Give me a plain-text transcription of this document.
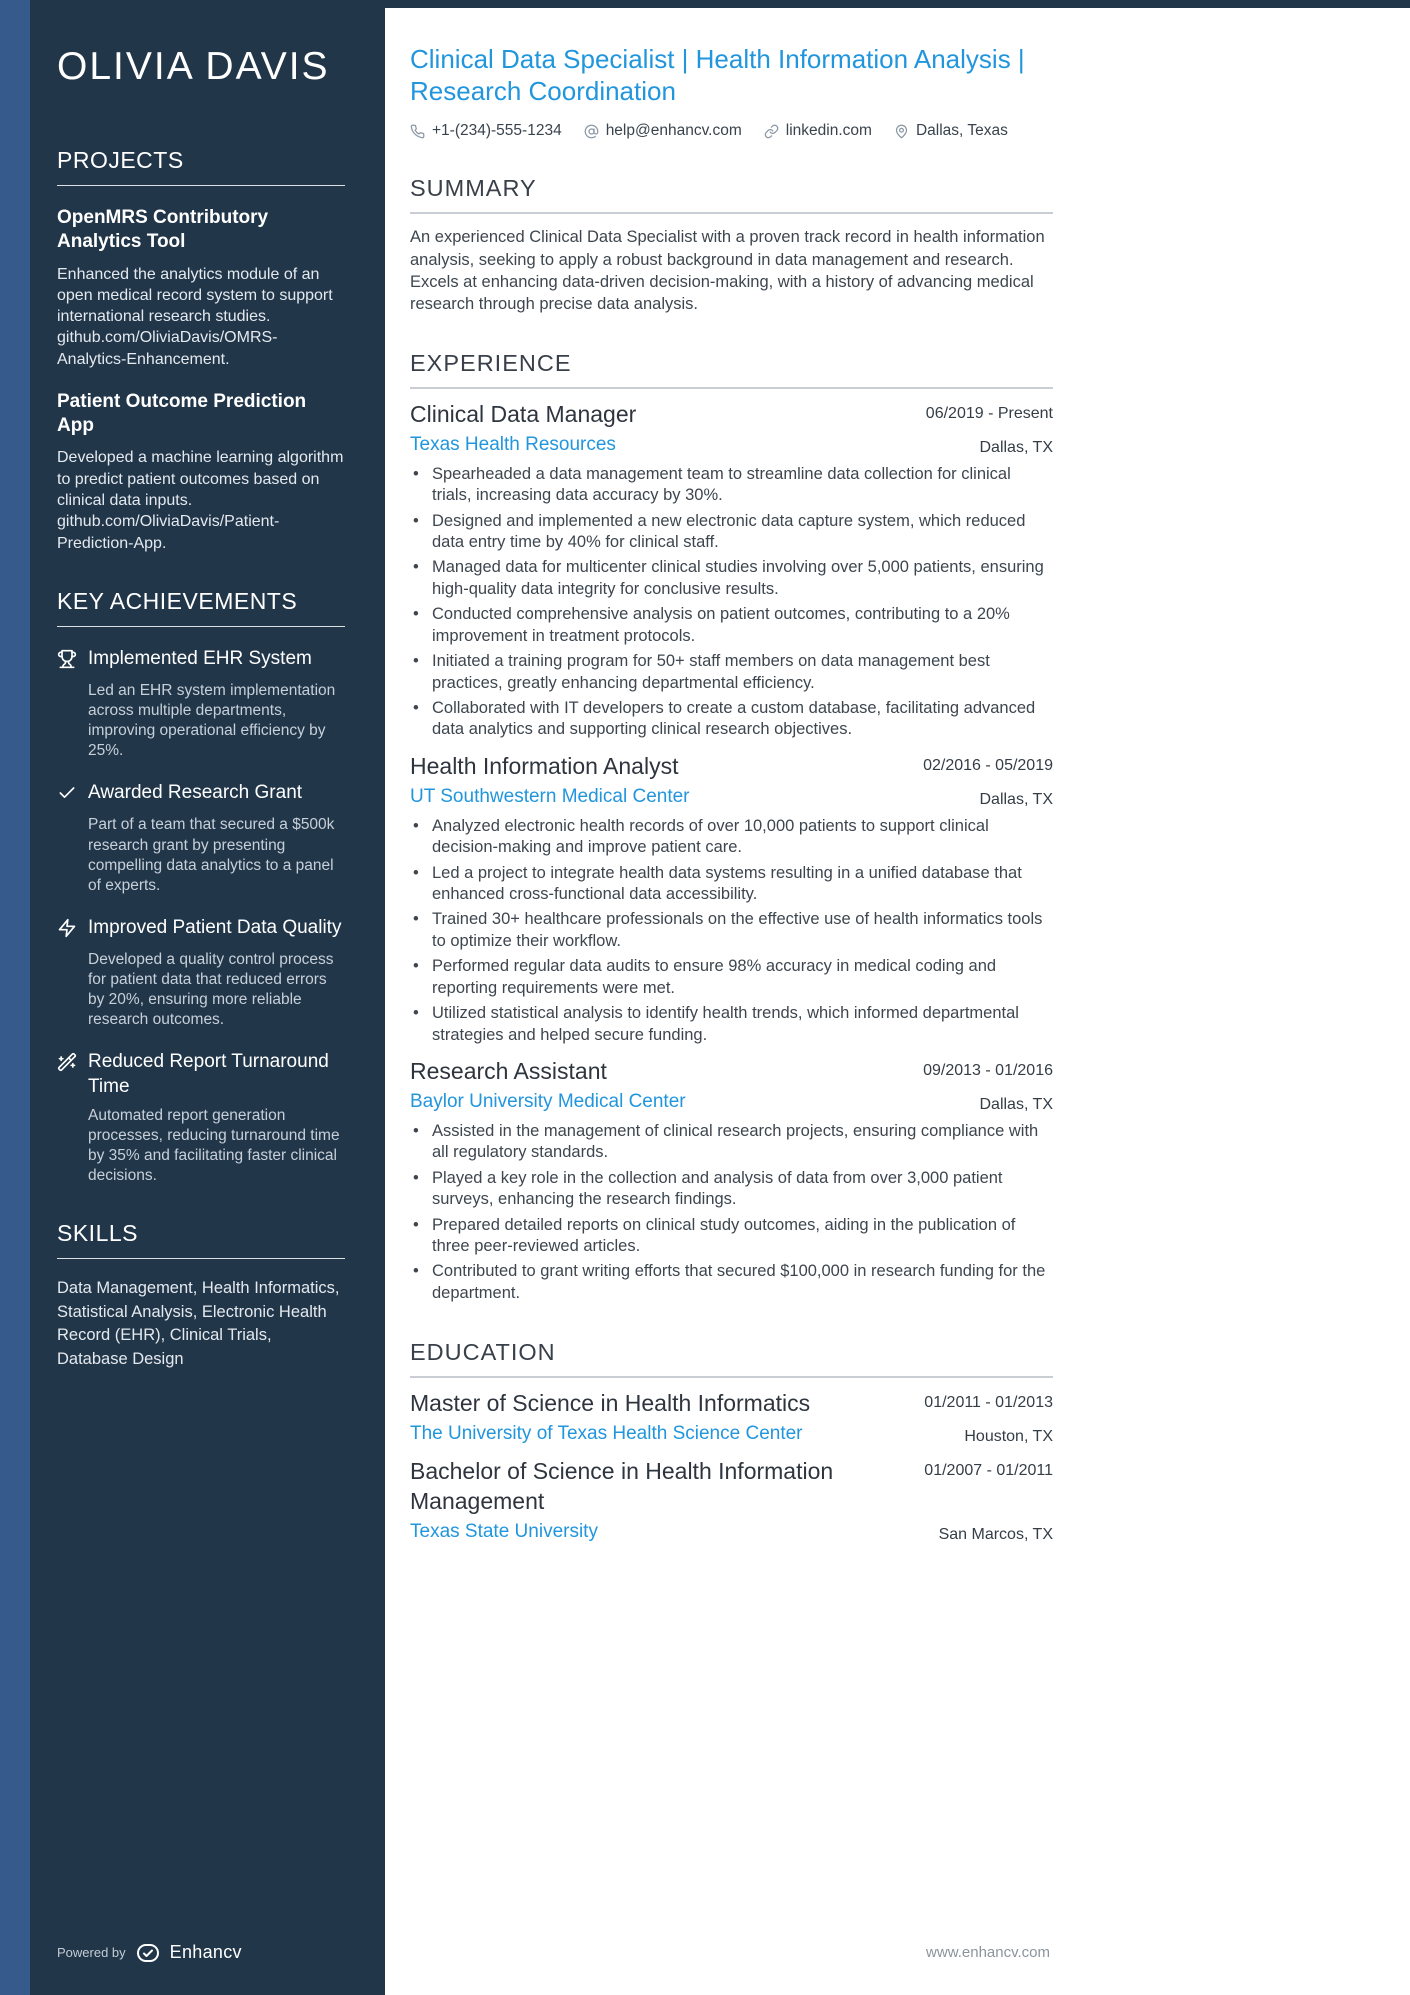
OLIVIA DAVIS
PROJECTS
OpenMRS Contributory Analytics Tool

Enhanced the analytics module of an open medical record system to support international research studies. github.com/OliviaDavis/OMRS-Analytics-Enhancement.

Patient Outcome Prediction App

Developed a machine learning algorithm to predict patient outcomes based on clinical data inputs. github.com/OliviaDavis/Patient-Prediction-App.

KEY ACHIEVEMENTS
Implemented EHR System

Led an EHR system implementation across multiple departments, improving operational efficiency by 25%.

Awarded Research Grant

Part of a team that secured a $500k research grant by presenting compelling data analytics to a panel of experts.

Improved Patient Data Quality

Developed a quality control process for patient data that reduced errors by 20%, ensuring more reliable research outcomes.

Reduced Report Turnaround Time

Automated report generation processes, reducing turnaround time by 35% and facilitating faster clinical decisions.

SKILLS

Data Management, Health Informatics, Statistical Analysis, Electronic Health Record (EHR), Clinical Trials, Database Design

Powered by Enhancv
Clinical Data Specialist | Health Information Analysis | Research Coordination
+1-(234)-555-1234	help@enhancv.com	linkedin.com	Dallas, Texas
SUMMARY

An experienced Clinical Data Specialist with a proven track record in health information analysis, seeking to apply a robust background in data management and research. Excels at enhancing data-driven decision-making, with a history of advancing medical research through precise data analysis.

EXPERIENCE
Clinical Data Manager	06/2019 - Present
Texas Health Resources	Dallas, TX
• Spearheaded a data management team to streamline data collection for clinical trials, increasing data accuracy by 30%.
• Designed and implemented a new electronic data capture system, which reduced data entry time by 40% for clinical staff.
• Managed data for multicenter clinical studies involving over 5,000 patients, ensuring high-quality data integrity for conclusive results.
• Conducted comprehensive analysis on patient outcomes, contributing to a 20% improvement in treatment protocols.
• Initiated a training program for 50+ staff members on data management best practices, greatly enhancing departmental efficiency.
• Collaborated with IT developers to create a custom database, facilitating advanced data analytics and supporting clinical research objectives.
Health Information Analyst	02/2016 - 05/2019
UT Southwestern Medical Center	Dallas, TX
• Analyzed electronic health records of over 10,000 patients to support clinical decision-making and improve patient care.
• Led a project to integrate health data systems resulting in a unified database that enhanced cross-functional data accessibility.
• Trained 30+ healthcare professionals on the effective use of health informatics tools to optimize their workflow.
• Performed regular data audits to ensure 98% accuracy in medical coding and reporting requirements were met.
• Utilized statistical analysis to identify health trends, which informed departmental strategies and helped secure funding.
Research Assistant	09/2013 - 01/2016
Baylor University Medical Center	Dallas, TX
• Assisted in the management of clinical research projects, ensuring compliance with all regulatory standards.
• Played a key role in the collection and analysis of data from over 3,000 patient surveys, enhancing the research findings.
• Prepared detailed reports on clinical study outcomes, aiding in the publication of three peer-reviewed articles.
• Contributed to grant writing efforts that secured $100,000 in research funding for the department.
EDUCATION
Master of Science in Health Informatics	01/2011 - 01/2013
The University of Texas Health Science Center	Houston, TX
Bachelor of Science in Health Information Management
01/2007 - 01/2011
Texas State University	San Marcos, TX
www.enhancv.com
